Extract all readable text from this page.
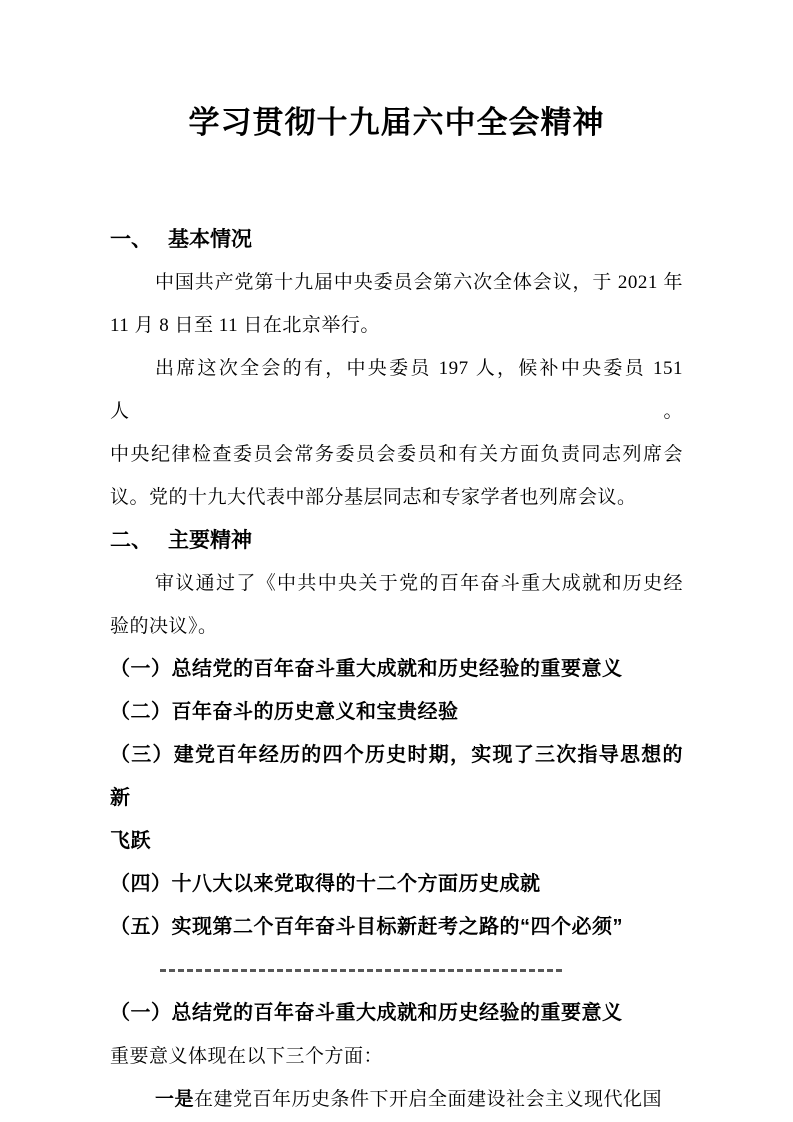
学习贯彻十九届六中全会精神
一、 基本情况
中国共产党第十九届中央委员会第六次全体会议，于 2021 年
11 月 8 日至 11 日在北京举行。
出席这次全会的有，中央委员 197 人，候补中央委员 151 人。
中央纪律检查委员会常务委员会委员和有关方面负责同志列席会
议。党的十九大代表中部分基层同志和专家学者也列席会议。
二、 主要精神
审议通过了《中共中央关于党的百年奋斗重大成就和历史经
验的决议》。
（一）总结党的百年奋斗重大成就和历史经验的重要意义
（二）百年奋斗的历史意义和宝贵经验
（三）建党百年经历的四个历史时期，实现了三次指导思想的新
飞跃
（四）十八大以来党取得的十二个方面历史成就
（五）实现第二个百年奋斗目标新赶考之路的“四个必须”
（一）总结党的百年奋斗重大成就和历史经验的重要意义
重要意义体现在以下三个方面：
一是在建党百年历史条件下开启全面建设社会主义现代化国
